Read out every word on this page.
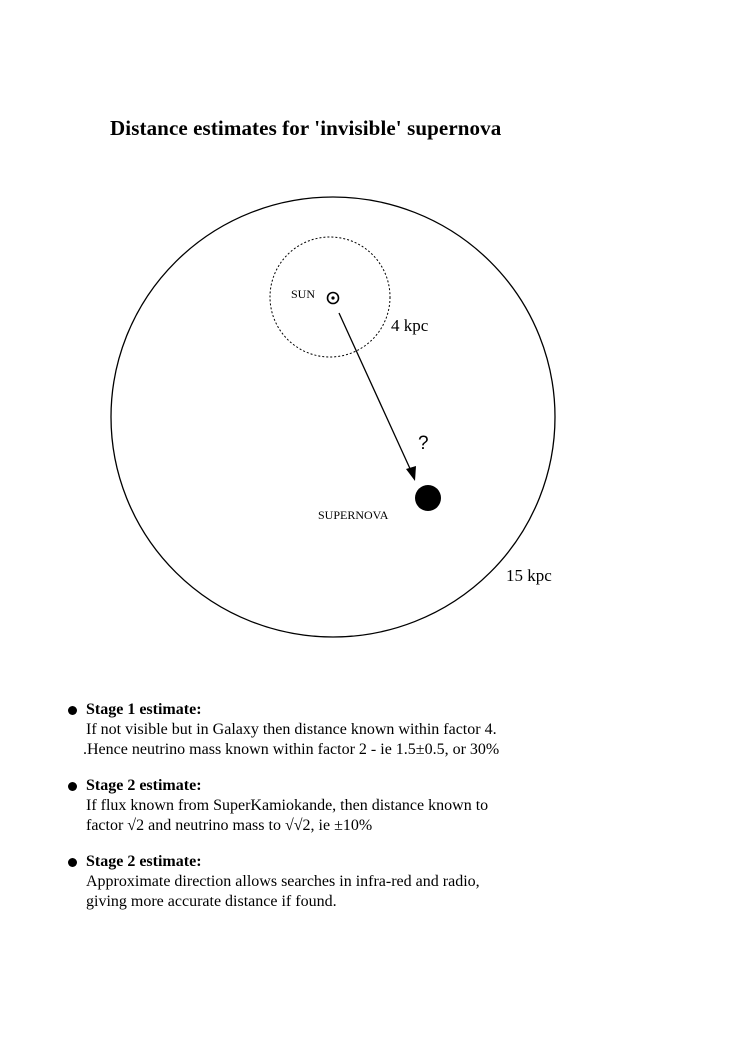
Distance estimates for 'invisible' supernova
SUN
4 kpc
?
SUPERNOVA
15 kpc
Stage 1 estimate:
If not visible but in Galaxy then distance known within factor 4.
.Hence neutrino mass known within factor 2 - ie 1.5±0.5, or 30%
Stage 2 estimate:
If flux known from SuperKamiokande, then distance known to
factor √2 and neutrino mass to √√2, ie ±10%
Stage 2 estimate:
Approximate direction allows searches in infra-red and radio,
giving more accurate distance if found.
